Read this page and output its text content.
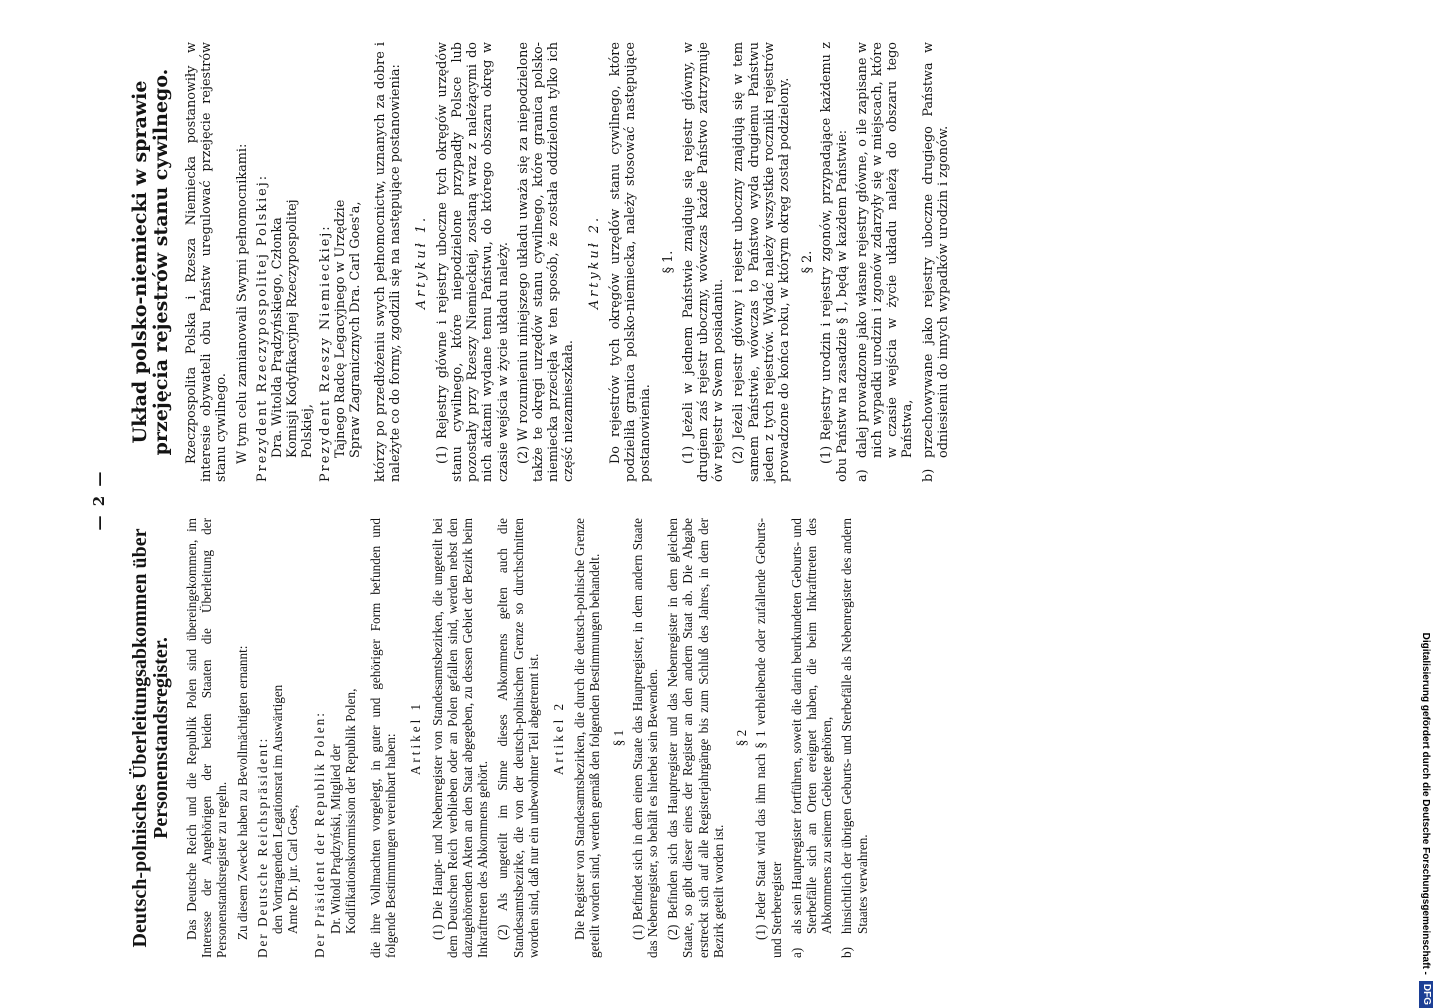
— 2 —
Deutsch-polnisches Überleitungsabkommen über Personenstandsregister. Das Deutsche Reich und die Republik Polen sind übereingekommen, im Interesse der Angehörigen der beiden Staaten die Überleitung der Personenstandsregister zu regeln. Zu diesem Zwecke haben zu Bevollmächtigten ernannt: Der Deutsche Reichspräsident: den Vortragenden Legationsrat im Auswärtigen Amte Dr. jur. Carl Goes, Der Präsident der Republik Polen: Dr. Witold Prądzyński, Mitglied der Kodifikationskommission der Republik Polen, die ihre Vollmachten vorgelegt, in guter und gehöriger Form befunden und folgende Bestimmungen vereinbart haben: Artikel 1 (1) Die Haupt- und Nebenregister von Standesamtsbezirken, die ungeteilt bei dem Deutschen Reich verblieben oder an Polen gefallen sind, werden nebst den dazugehörenden Akten an den Staat abgegeben, zu dessen Gebiet der Bezirk beim Inkrafttreten des Abkommens gehört. (2) Als ungeteilt im Sinne dieses Abkommens gelten auch die Standesamtsbezirke, die von der deutsch-polnischen Grenze so durchschnitten worden sind, daß nur ein unbewohnter Teil abgetrennt ist. Artikel 2 Die Register von Standesamtsbezirken, die durch die deutsch-polnische Grenze geteilt worden sind, werden gemäß den folgenden Bestimmungen behandelt. § 1 (1) Befindet sich in dem einen Staate das Hauptregister, in dem andern Staate das Nebenregister, so behält es hierbei sein Bewenden. (2) Befinden sich das Hauptregister und das Nebenregister in dem gleichen Staate, so gibt dieser eines der Register an den andern Staat ab. Die Abgabe erstreckt sich auf alle Registerjahrgänge bis zum Schluß des Jahres, in dem der Bezirk geteilt worden ist.

§ 2 (1) Jeder Staat wird das ihm nach § 1 verbleibende oder zufallende Geburts- und Sterberegister a)
als sein Hauptregister fortführen, soweit die darin beurkundeten Geburts- und Sterbefälle sich an Orten ereignet haben, die beim Inkrafttreten des Abkommens zu seinem Gebiete gehören,
b)
hinsichtlich der übrigen Geburts- und Sterbefälle als Nebenregister des andern Staates verwahren.
Układ polsko-niemiecki w sprawie przejęcia rejestrów stanu cywilnego. Rzeczpospolita Polska i Rzesza Niemiecka postanowiły w interesie obywateli obu Państw uregulować przejęcie rejestrów stanu cywilnego. W tym celu zamianowali Swymi pełnomocnikami: Prezydent Rzeczypospolitej Polskiej: Dra. Witolda Prądzyńskiego, Członka Komisji Kodyfikacyjnej Rzeczypospolitej Polskiej, Prezydent Rzeszy Niemieckiej: Tajnego Radcę Legacyjnego w Urzędzie Spraw Zagranicznych Dra. Carl Goes'a, którzy po przedłożeniu swych pełnomocnictw, uznanych za dobre i należyte co do formy, zgodzili się na następujące postanowienia: Artykuł 1. (1) Rejestry główne i rejestry uboczne tych okręgów urzędów stanu cywilnego, które niepodzielone przypadły Polsce lub pozostały przy Rzeszy Niemieckiej, zostaną wraz z należącymi do nich aktami wydane temu Państwu, do którego obszaru okręg w czasie wejścia w życie układu należy. (2) W rozumieniu niniejszego układu uważa się za niepodzielone także te okręgi urzędów stanu cywilnego, które granica polsko-niemiecka przecięła w ten sposób, że została oddzielona tylko ich część niezamieszkała.

Artykuł 2. Do rejestrów tych okręgów urzędów stanu cywilnego, które podzieliła granica polsko-niemiecka, należy stosować następujące postanowienia.

§ 1. (1) Jeżeli w jednem Państwie znajduje się rejestr główny, w drugiem zaś rejestr uboczny, wówczas każde Państwo zatrzymuje ów rejestr w Swem posiadaniu. (2) Jeżeli rejestr główny i rejestr uboczny znajdują się w tem samem Państwie, wówczas to Państwo wyda drugiemu Państwu jeden z tych rejestrów. Wydać należy wszystkie roczniki rejestrów prowadzone do końca roku, w którym okręg został podzielony. § 2. (1) Rejestry urodzin i rejestry zgonów, przypadające każdemu z obu Państw na zasadzie § 1, będą w każdem Państwie: a)
dalej prowadzone jako własne rejestry główne, o ile zapisane w nich wypadki urodzin i zgonów zdarzyły się w miejscach, które w czasie wejścia w życie układu należą do obszaru tego Państwa,
b)
przechowywane jako rejestry uboczne drugiego Państwa w odniesieniu do innych wypadków urodzin i zgonów.
Digitalisierung gefördert durch die Deutsche Forschungsgemeinschaft -
DFG
